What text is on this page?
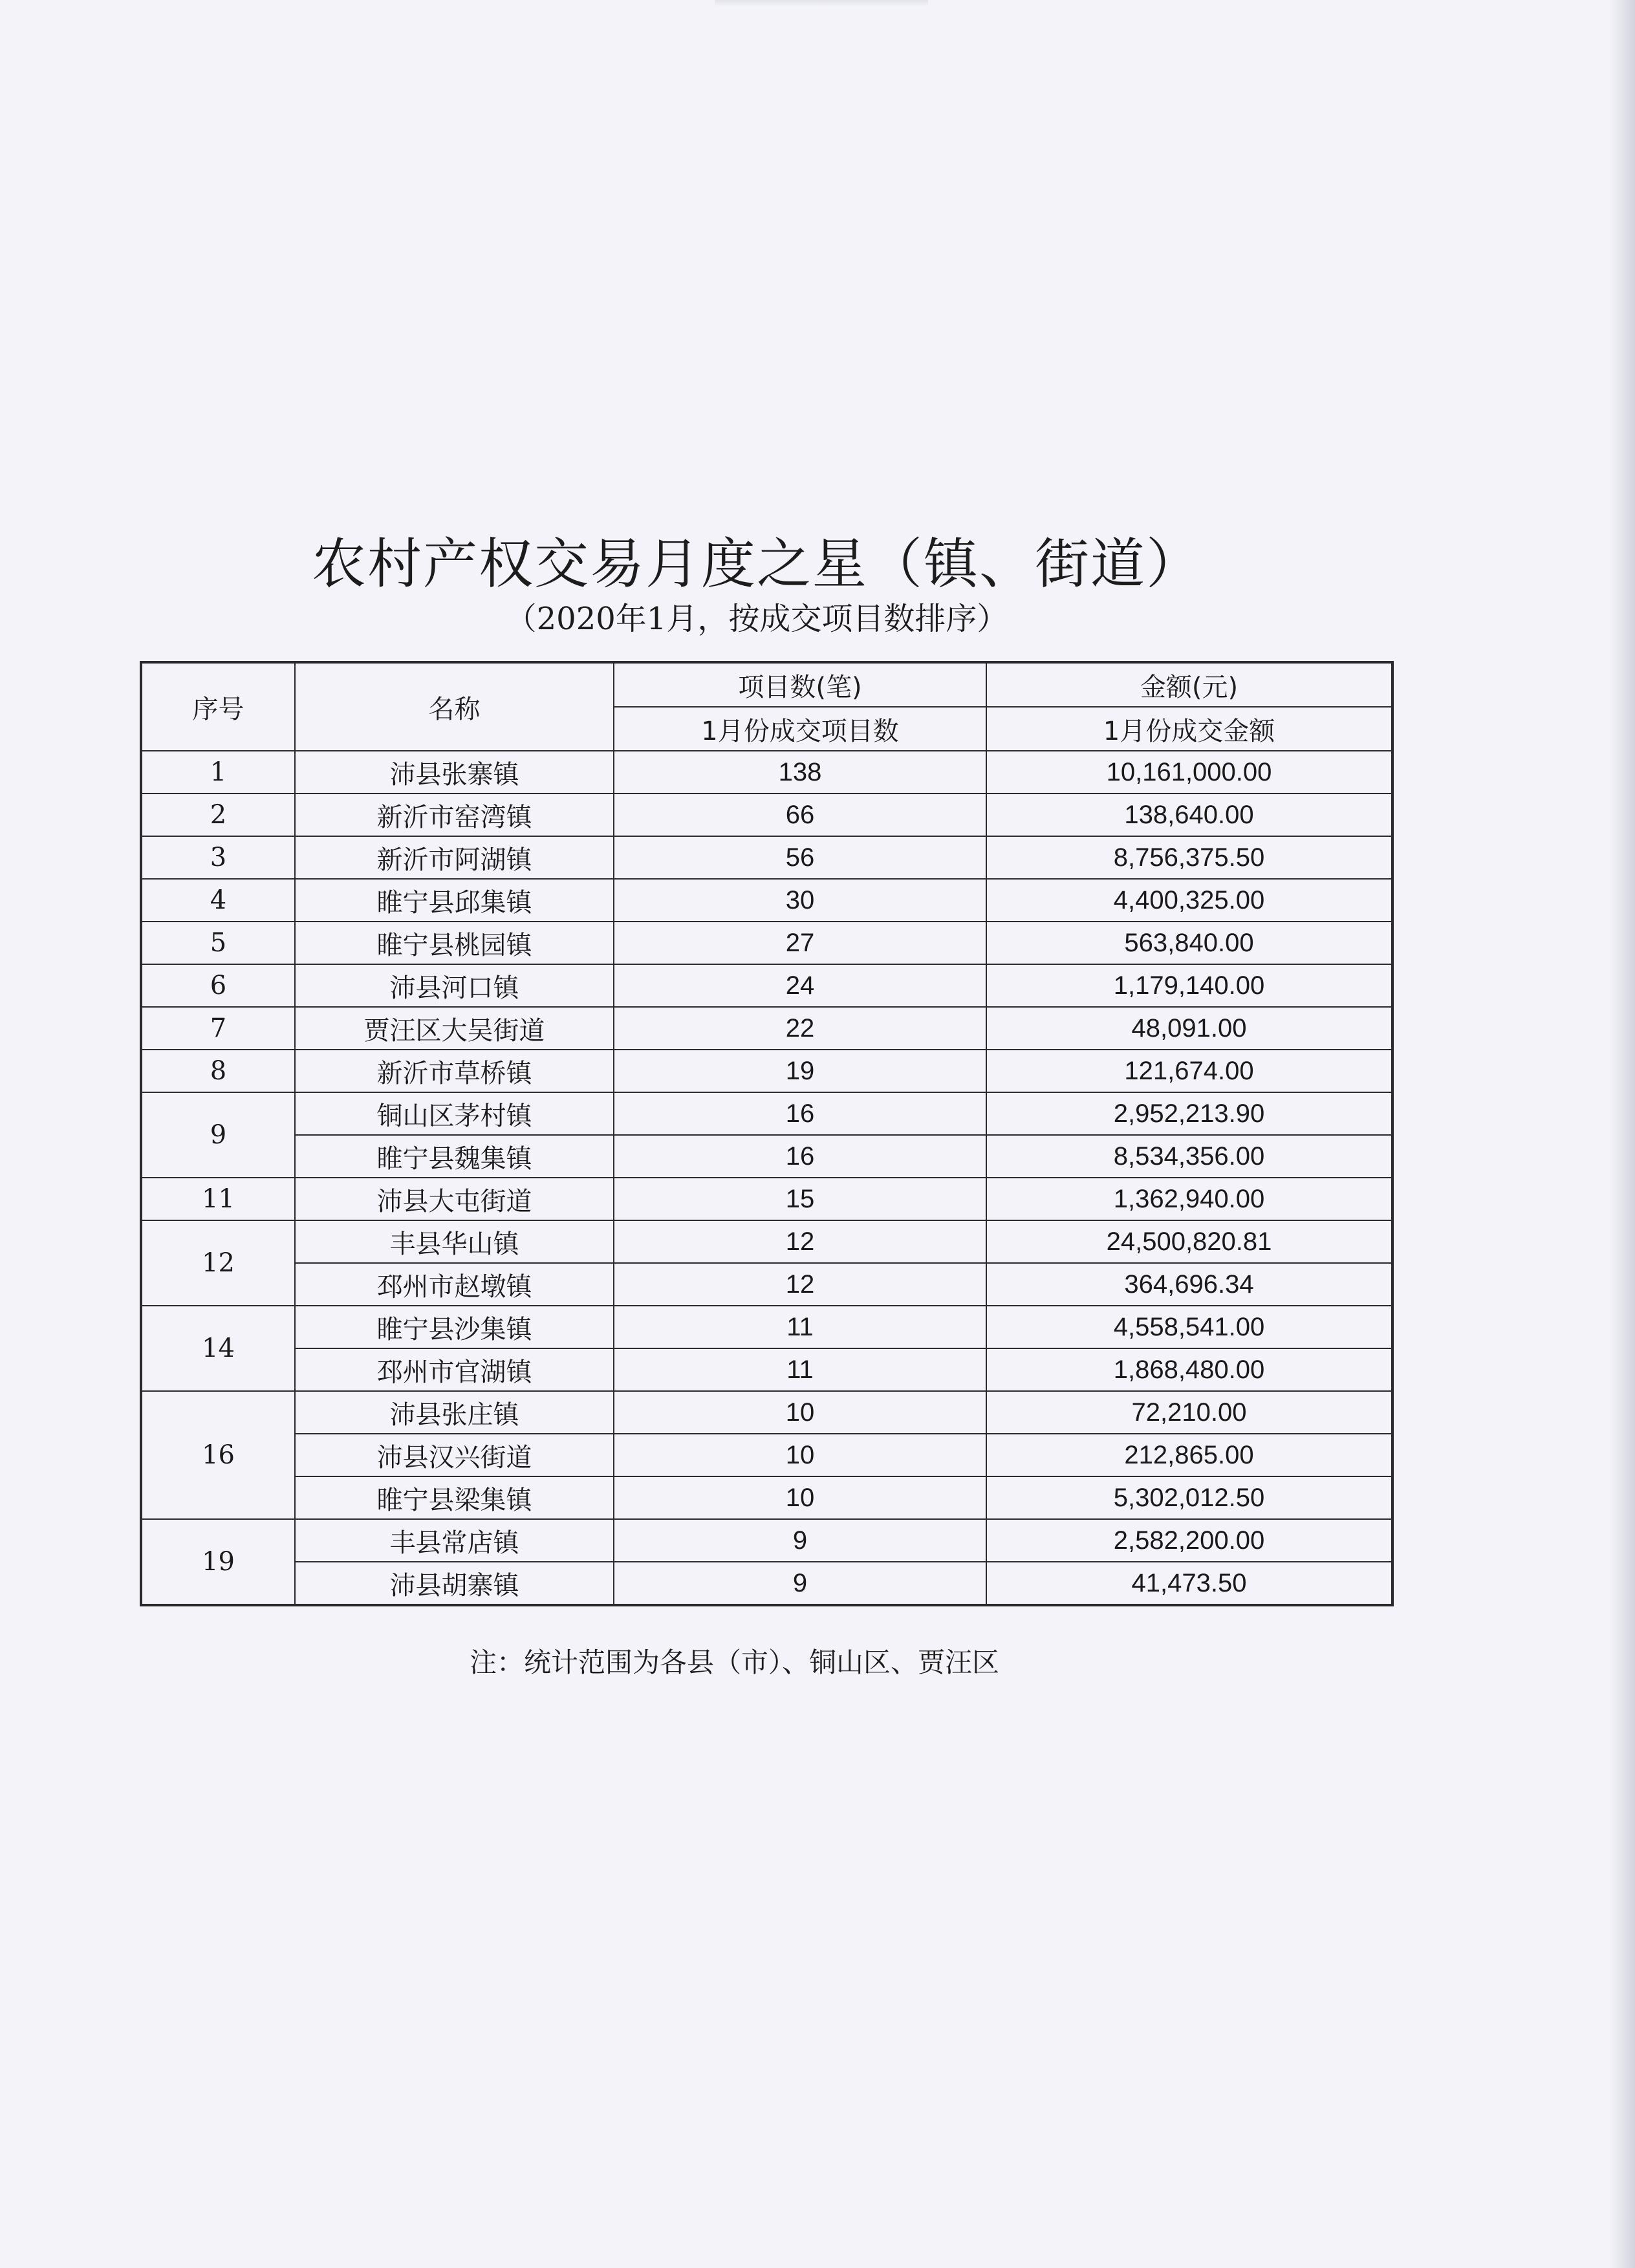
农村产权交易月度之星（镇、街道）
（2020年1月，按成交项目数排序）
序号	名称	项目数(笔)	金额(元)
		1月份成交项目数	1月份成交金额
1	沛县张寨镇	138	10,161,000.00
2	新沂市窑湾镇	66	138,640.00
3	新沂市阿湖镇	56	8,756,375.50
4	睢宁县邱集镇	30	4,400,325.00
5	睢宁县桃园镇	27	563,840.00
6	沛县河口镇	24	1,179,140.00
7	贾汪区大吴街道	22	48,091.00
8	新沂市草桥镇	19	121,674.00
9	铜山区茅村镇	16	2,952,213.90
	睢宁县魏集镇	16	8,534,356.00
11	沛县大屯街道	15	1,362,940.00
12	丰县华山镇	12	24,500,820.81
	邳州市赵墩镇	12	364,696.34
14	睢宁县沙集镇	11	4,558,541.00
	邳州市官湖镇	11	1,868,480.00
16	沛县张庄镇	10	72,210.00
	沛县汉兴街道	10	212,865.00
	睢宁县梁集镇	10	5,302,012.50
19	丰县常店镇	9	2,582,200.00
	沛县胡寨镇	9	41,473.50
注：统计范围为各县（市）、铜山区、贾汪区
